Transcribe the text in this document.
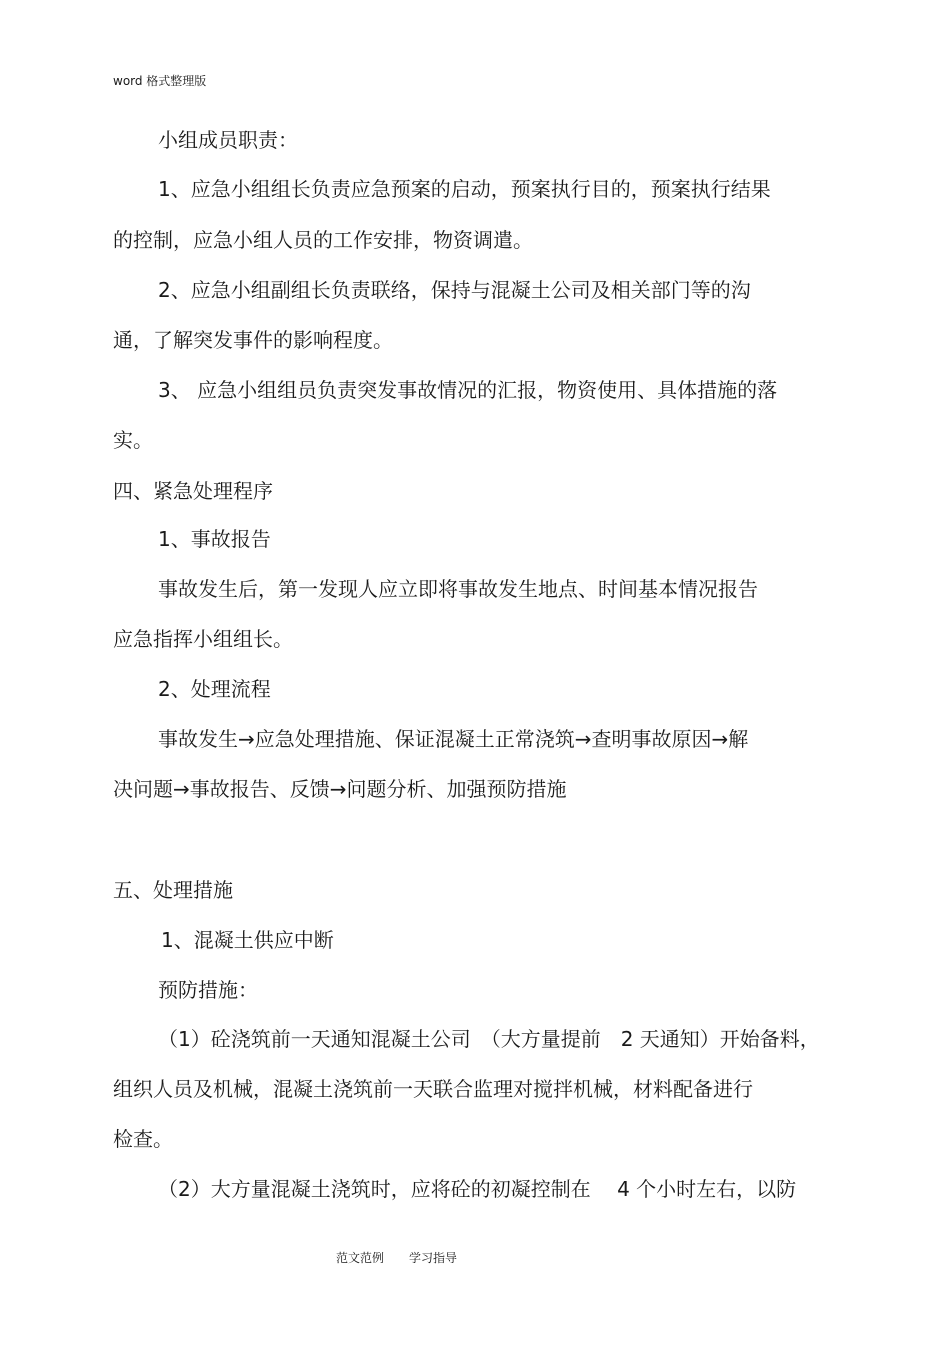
word 格式整理版
小组成员职责：
1、应急小组组长负责应急预案的启动，预案执行目的，预案执行结果
的控制，应急小组人员的工作安排，物资调遣。
2、应急小组副组长负责联络，保持与混凝土公司及相关部门等的沟
通，了解突发事件的影响程度。
3、 应急小组组员负责突发事故情况的汇报，物资使用、具体措施的落
实。
四、紧急处理程序
1、事故报告
事故发生后，第一发现人应立即将事故发生地点、时间基本情况报告
应急指挥小组组长。
2、处理流程
事故发生→应急处理措施、保证混凝土正常浇筑→查明事故原因→解
决问题→事故报告、反馈→问题分析、加强预防措施
五、处理措施
1、混凝土供应中断
预防措施：
（1）砼浇筑前一天通知混凝土公司　（大方量提前　2 天通知）开始备料，
组织人员及机械，混凝土浇筑前一天联合监理对搅拌机械，材料配备进行
检查。
（2）大方量混凝土浇筑时，应将砼的初凝控制在　 4 个小时左右，以防
范文范例 学习指导
